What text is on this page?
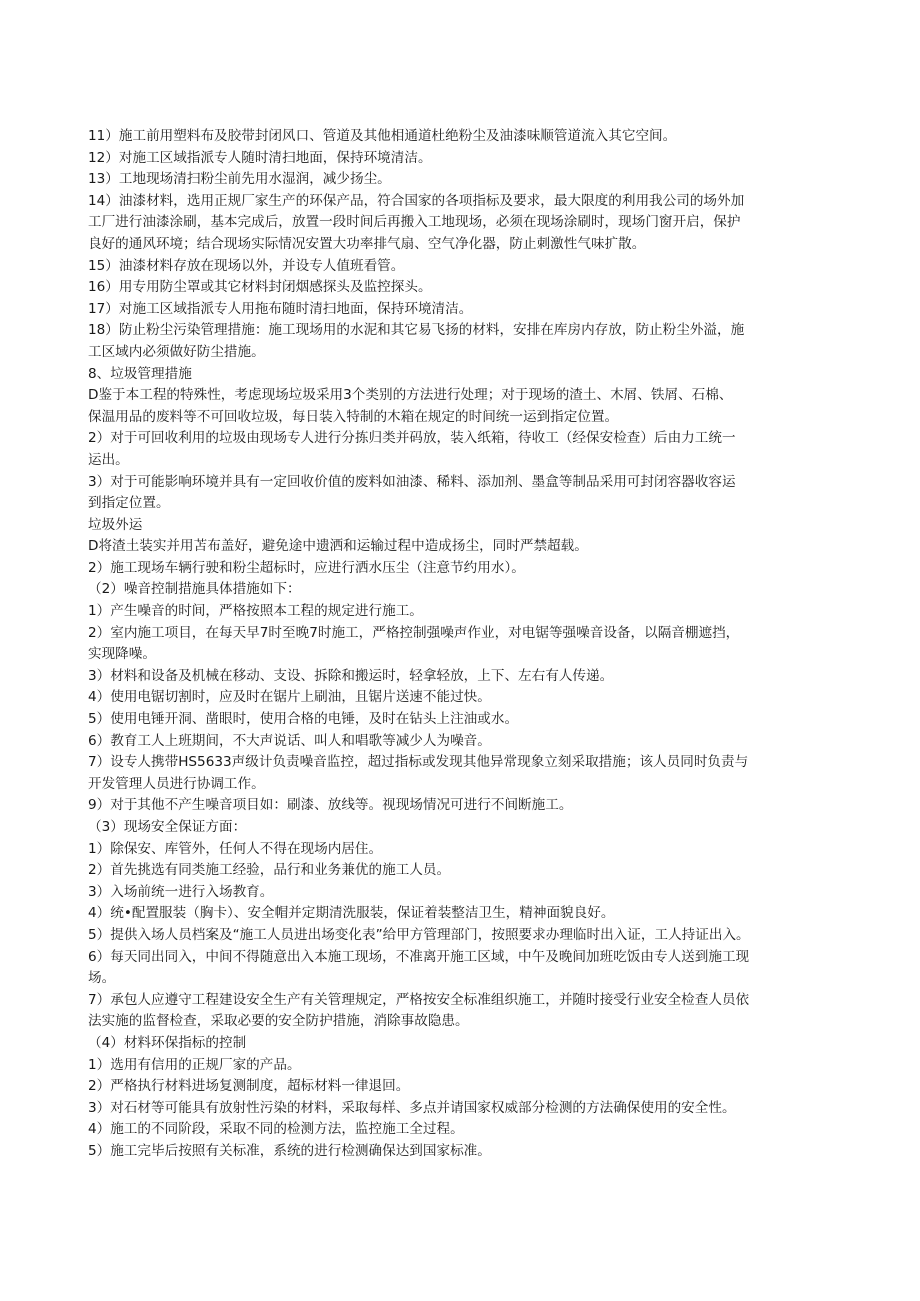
11）施工前用塑料布及胶带封闭风口、管道及其他相通道杜绝粉尘及油漆味顺管道流入其它空间。

12）对施工区域指派专人随时清扫地面，保持环境清洁。

13）工地现场清扫粉尘前先用水湿润，减少扬尘。

14）油漆材料，选用正规厂家生产的环保产品，符合国家的各项指标及要求，最大限度的利用我公司的场外加

工厂进行油漆涂刷，基本完成后，放置一段时间后再搬入工地现场，必须在现场涂刷时，现场门窗开启，保护

良好的通风环境；结合现场实际情况安置大功率排气扇、空气净化器，防止刺激性气味扩散。

15）油漆材料存放在现场以外，并设专人值班看管。

16）用专用防尘罩或其它材料封闭烟感探头及监控探头。

17）对施工区域指派专人用拖布随时清扫地面，保持环境清洁。

18）防止粉尘污染管理措施：施工现场用的水泥和其它易飞扬的材料，安排在库房内存放，防止粉尘外溢，施

工区域内必须做好防尘措施。

8、垃圾管理措施

D鉴于本工程的特殊性，考虑现场垃圾采用3个类别的方法进行处理；对于现场的渣土、木屑、铁屑、石棉、

保温用品的废料等不可回收垃圾，每日装入特制的木箱在规定的时间统一运到指定位置。

2）对于可回收利用的垃圾由现场专人进行分拣归类并码放，装入纸箱，待收工（经保安检查）后由力工统一

运出。

3）对于可能影响环境并具有一定回收价值的废料如油漆、稀料、添加剂、墨盒等制品采用可封闭容器收容运

到指定位置。

垃圾外运

D将渣土装实并用苫布盖好，避免途中遗洒和运输过程中造成扬尘，同时严禁超载。

2）施工现场车辆行驶和粉尘超标时，应进行洒水压尘（注意节约用水）。

（2）噪音控制措施具体措施如下：

1）产生噪音的时间，严格按照本工程的规定进行施工。

2）室内施工项目，在每天早7时至晚7时施工，严格控制强噪声作业，对电锯等强噪音设备，以隔音棚遮挡，

实现降噪。

3）材料和设备及机械在移动、支设、拆除和搬运时，轻拿轻放，上下、左右有人传递。

4）使用电锯切割时，应及时在锯片上刷油，且锯片送速不能过快。

5）使用电锤开洞、凿眼时，使用合格的电锤，及时在钻头上注油或水。

6）教育工人上班期间，不大声说话、叫人和唱歌等减少人为噪音。

7）设专人携带HS5633声级计负责噪音监控，超过指标或发现其他异常现象立刻采取措施；该人员同时负责与

开发管理人员进行协调工作。

9）对于其他不产生噪音项目如：刷漆、放线等。视现场情况可进行不间断施工。

（3）现场安全保证方面：

1）除保安、库管外，任何人不得在现场内居住。

2）首先挑选有同类施工经验，品行和业务兼优的施工人员。

3）入场前统一进行入场教育。

4）统•配置服装（胸卡）、安全帽并定期清洗服装，保证着装整洁卫生，精神面貌良好。

5）提供入场人员档案及“施工人员进出场变化表”给甲方管理部门，按照要求办理临时出入证，工人持证出入。

6）每天同出同入，中间不得随意出入本施工现场，不准离开施工区域，中午及晚间加班吃饭由专人送到施工现

场。

7）承包人应遵守工程建设安全生产有关管理规定，严格按安全标准组织施工，并随时接受行业安全检查人员依

法实施的监督检查，采取必要的安全防护措施，消除事故隐患。

（4）材料环保指标的控制

1）选用有信用的正规厂家的产品。

2）严格执行材料进场复测制度，超标材料一律退回。

3）对石材等可能具有放射性污染的材料，采取每样、多点并请国家权威部分检测的方法确保使用的安全性。

4）施工的不同阶段，采取不同的检测方法，监控施工全过程。

5）施工完毕后按照有关标准，系统的进行检测确保达到国家标准。
